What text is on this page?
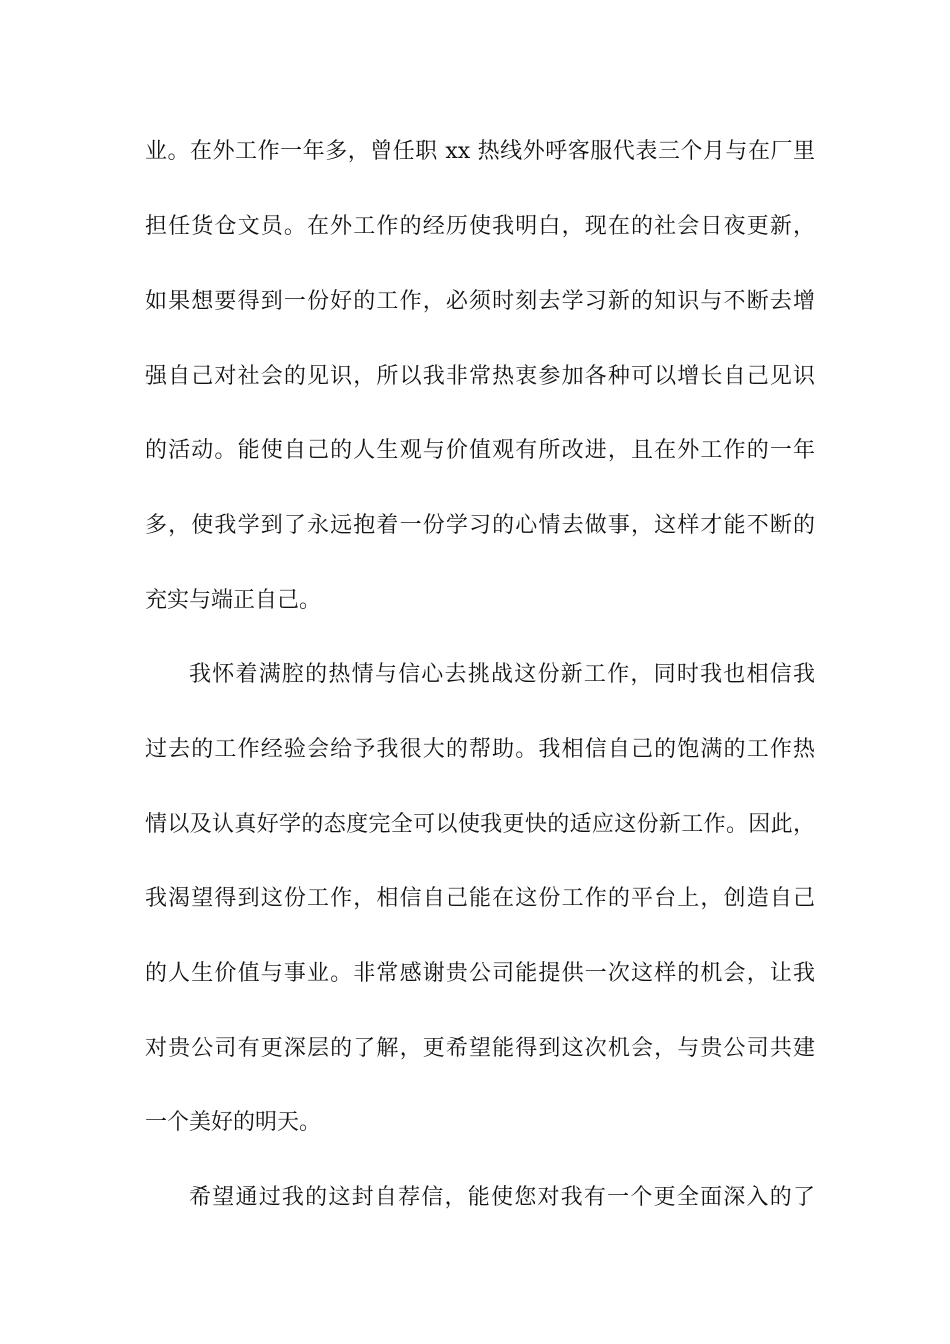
业。在外工作一年多，曾任职 xx 热线外呼客服代表三个月与在厂里
担任货仓文员。在外工作的经历使我明白，现在的社会日夜更新，
如果想要得到一份好的工作，必须时刻去学习新的知识与不断去增
强自己对社会的见识，所以我非常热衷参加各种可以增长自己见识
的活动。能使自己的人生观与价值观有所改进，且在外工作的一年
多，使我学到了永远抱着一份学习的心情去做事，这样才能不断的
充实与端正自己。
我怀着满腔的热情与信心去挑战这份新工作，同时我也相信我
过去的工作经验会给予我很大的帮助。我相信自己的饱满的工作热
情以及认真好学的态度完全可以使我更快的适应这份新工作。因此，
我渴望得到这份工作，相信自己能在这份工作的平台上，创造自己
的人生价值与事业。非常感谢贵公司能提供一次这样的机会，让我
对贵公司有更深层的了解，更希望能得到这次机会，与贵公司共建
一个美好的明天。
希望通过我的这封自荐信，能使您对我有一个更全面深入的了
